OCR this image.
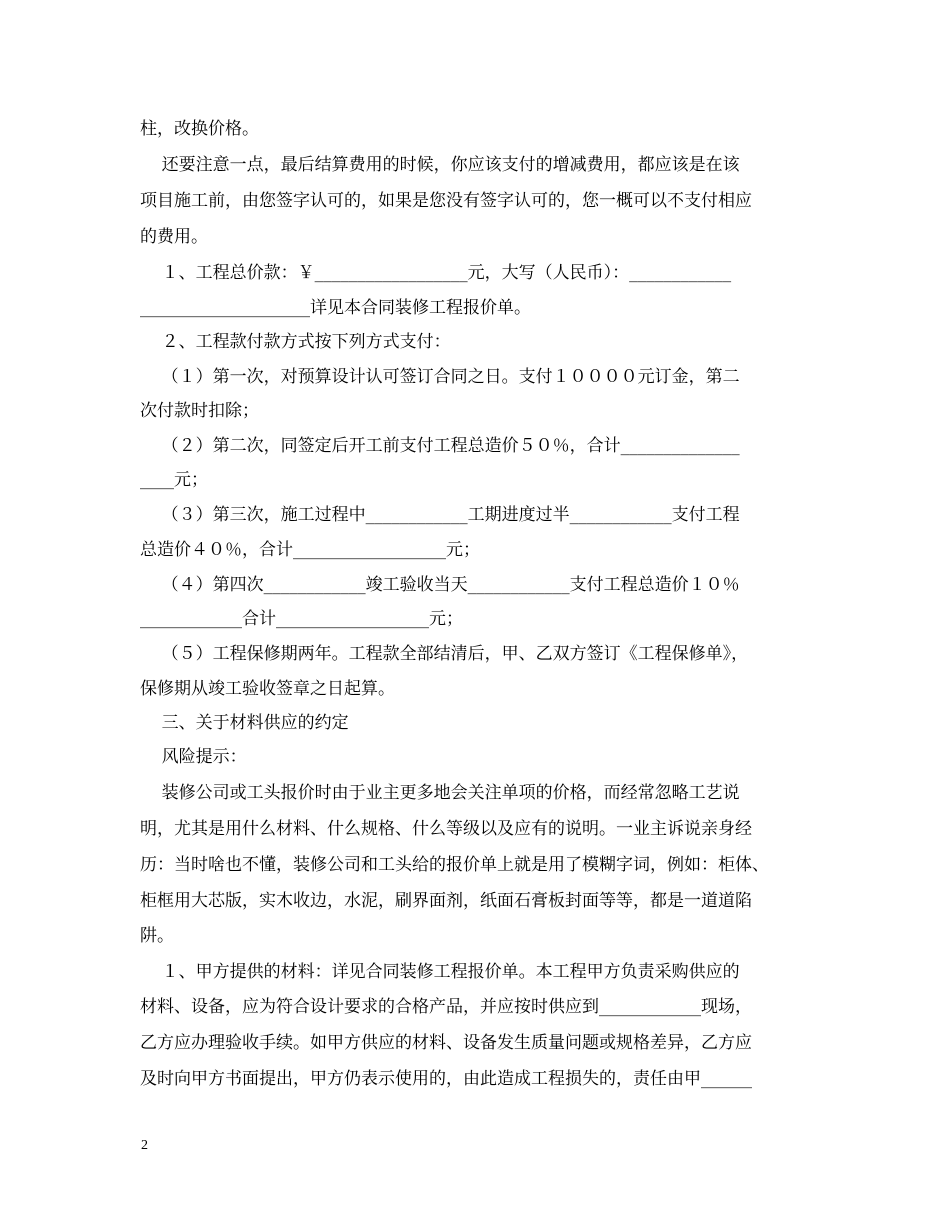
柱，改换价格。
还要注意一点，最后结算费用的时候，你应该支付的增减费用，都应该是在该
项目施工前，由您签字认可的，如果是您没有签字认可的，您一概可以不支付相应
的费用。
１、工程总价款：￥__________________元，大写（人民币）：____________
____________________详见本合同装修工程报价单。
２、工程款付款方式按下列方式支付：
（１）第一次，对预算设计认可签订合同之日。支付１００００元订金，第二
次付款时扣除；
（２）第二次，同签定后开工前支付工程总造价５０％，合计______________
____元；
（３）第三次，施工过程中____________工期进度过半____________支付工程
总造价４０％，合计__________________元；
（４）第四次____________竣工验收当天____________支付工程总造价１０％
____________合计__________________元；
（５）工程保修期两年。工程款全部结清后，甲、乙双方签订《工程保修单》，
保修期从竣工验收签章之日起算。
三、关于材料供应的约定
风险提示：
装修公司或工头报价时由于业主更多地会关注单项的价格，而经常忽略工艺说
明，尤其是用什么材料、什么规格、什么等级以及应有的说明。一业主诉说亲身经
历：当时啥也不懂，装修公司和工头给的报价单上就是用了模糊字词，例如：柜体、
柜框用大芯版，实木收边，水泥，刷界面剂，纸面石膏板封面等等，都是一道道陷
阱。
１、甲方提供的材料：详见合同装修工程报价单。本工程甲方负责采购供应的
材料、设备，应为符合设计要求的合格产品，并应按时供应到____________现场，
乙方应办理验收手续。如甲方供应的材料、设备发生质量问题或规格差异，乙方应
及时向甲方书面提出，甲方仍表示使用的，由此造成工程损失的，责任由甲______
2
